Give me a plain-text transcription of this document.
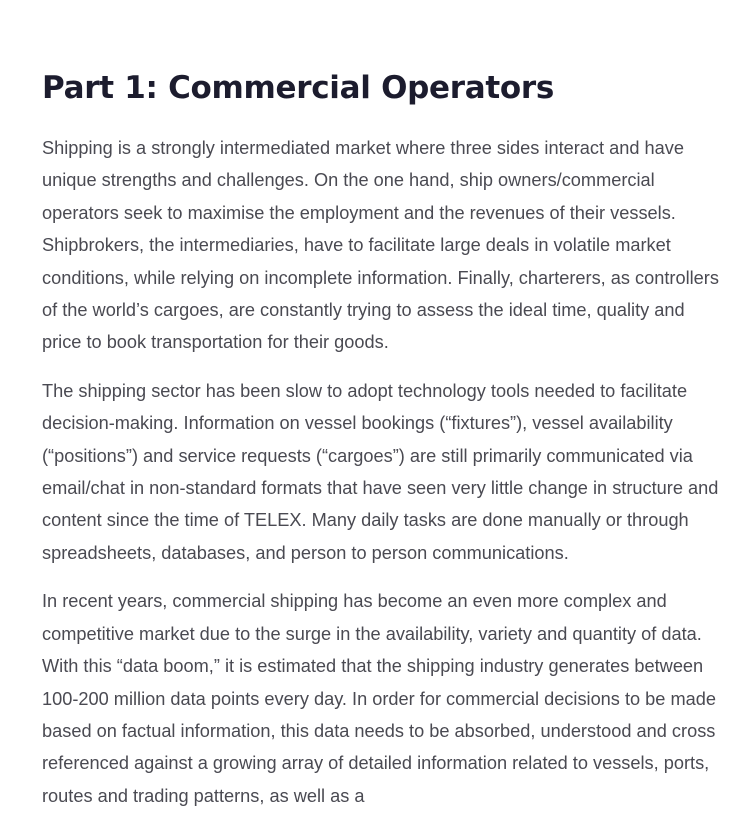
Part 1: Commercial Operators

Shipping is a strongly intermediated market where three sides interact and have unique strengths and challenges. On the one hand, ship owners/commercial operators seek to maximise the employment and the revenues of their vessels. Shipbrokers, the intermediaries, have to facilitate large deals in volatile market conditions, while relying on incomplete information. Finally, charterers, as controllers of the world’s cargoes, are constantly trying to assess the ideal time, quality and price to book transportation for their goods.

The shipping sector has been slow to adopt technology tools needed to facilitate decision-making. Information on vessel bookings (“fixtures”), vessel availability (“positions”) and service requests (“cargoes”) are still primarily communicated via email/chat in non-standard formats that have seen very little change in structure and content since the time of TELEX. Many daily tasks are done manually or through spreadsheets, databases, and person to person communications.

In recent years, commercial shipping has become an even more complex and competitive market due to the surge in the availability, variety and quantity of data. With this “data boom,” it is estimated that the shipping industry generates between 100-200 million data points every day. In order for commercial decisions to be made based on factual information, this data needs to be absorbed, understood and cross referenced against a growing array of detailed information related to vessels, ports, routes and trading patterns, as well as a
